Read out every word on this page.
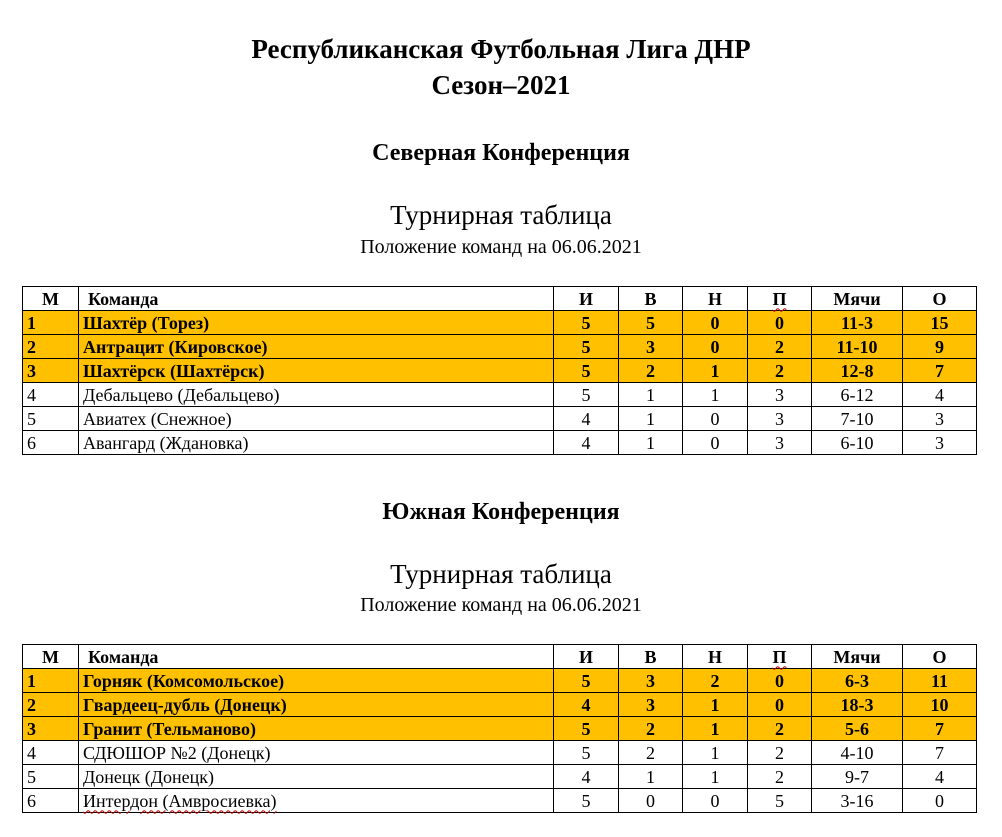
Республиканская Футбольная Лига ДНР
Сезон–2021
Северная Конференция
Турнирная таблица
Положение команд на 06.06.2021
М	Команда	И	В	Н	П	Мячи	О
1	Шахтёр (Торез)	5	5	0	0	11-3	15
2	Антрацит (Кировское)	5	3	0	2	11-10	9
3	Шахтёрск (Шахтёрск)	5	2	1	2	12-8	7
4	Дебальцево (Дебальцево)	5	1	1	3	6-12	4
5	Авиатех (Снежное)	4	1	0	3	7-10	3
6	Авангард (Ждановка)	4	1	0	3	6-10	3
Южная Конференция
Турнирная таблица
Положение команд на 06.06.2021
М	Команда	И	В	Н	П	Мячи	О
1	Горняк (Комсомольское)	5	3	2	0	6-3	11
2	Гвардеец-дубль (Донецк)	4	3	1	0	18-3	10
3	Гранит (Тельманово)	5	2	1	2	5-6	7
4	СДЮШОР №2 (Донецк)	5	2	1	2	4-10	7
5	Донецк (Донецк)	4	1	1	2	9-7	4
6	Интердон (Амвросиевка)	5	0	0	5	3-16	0
